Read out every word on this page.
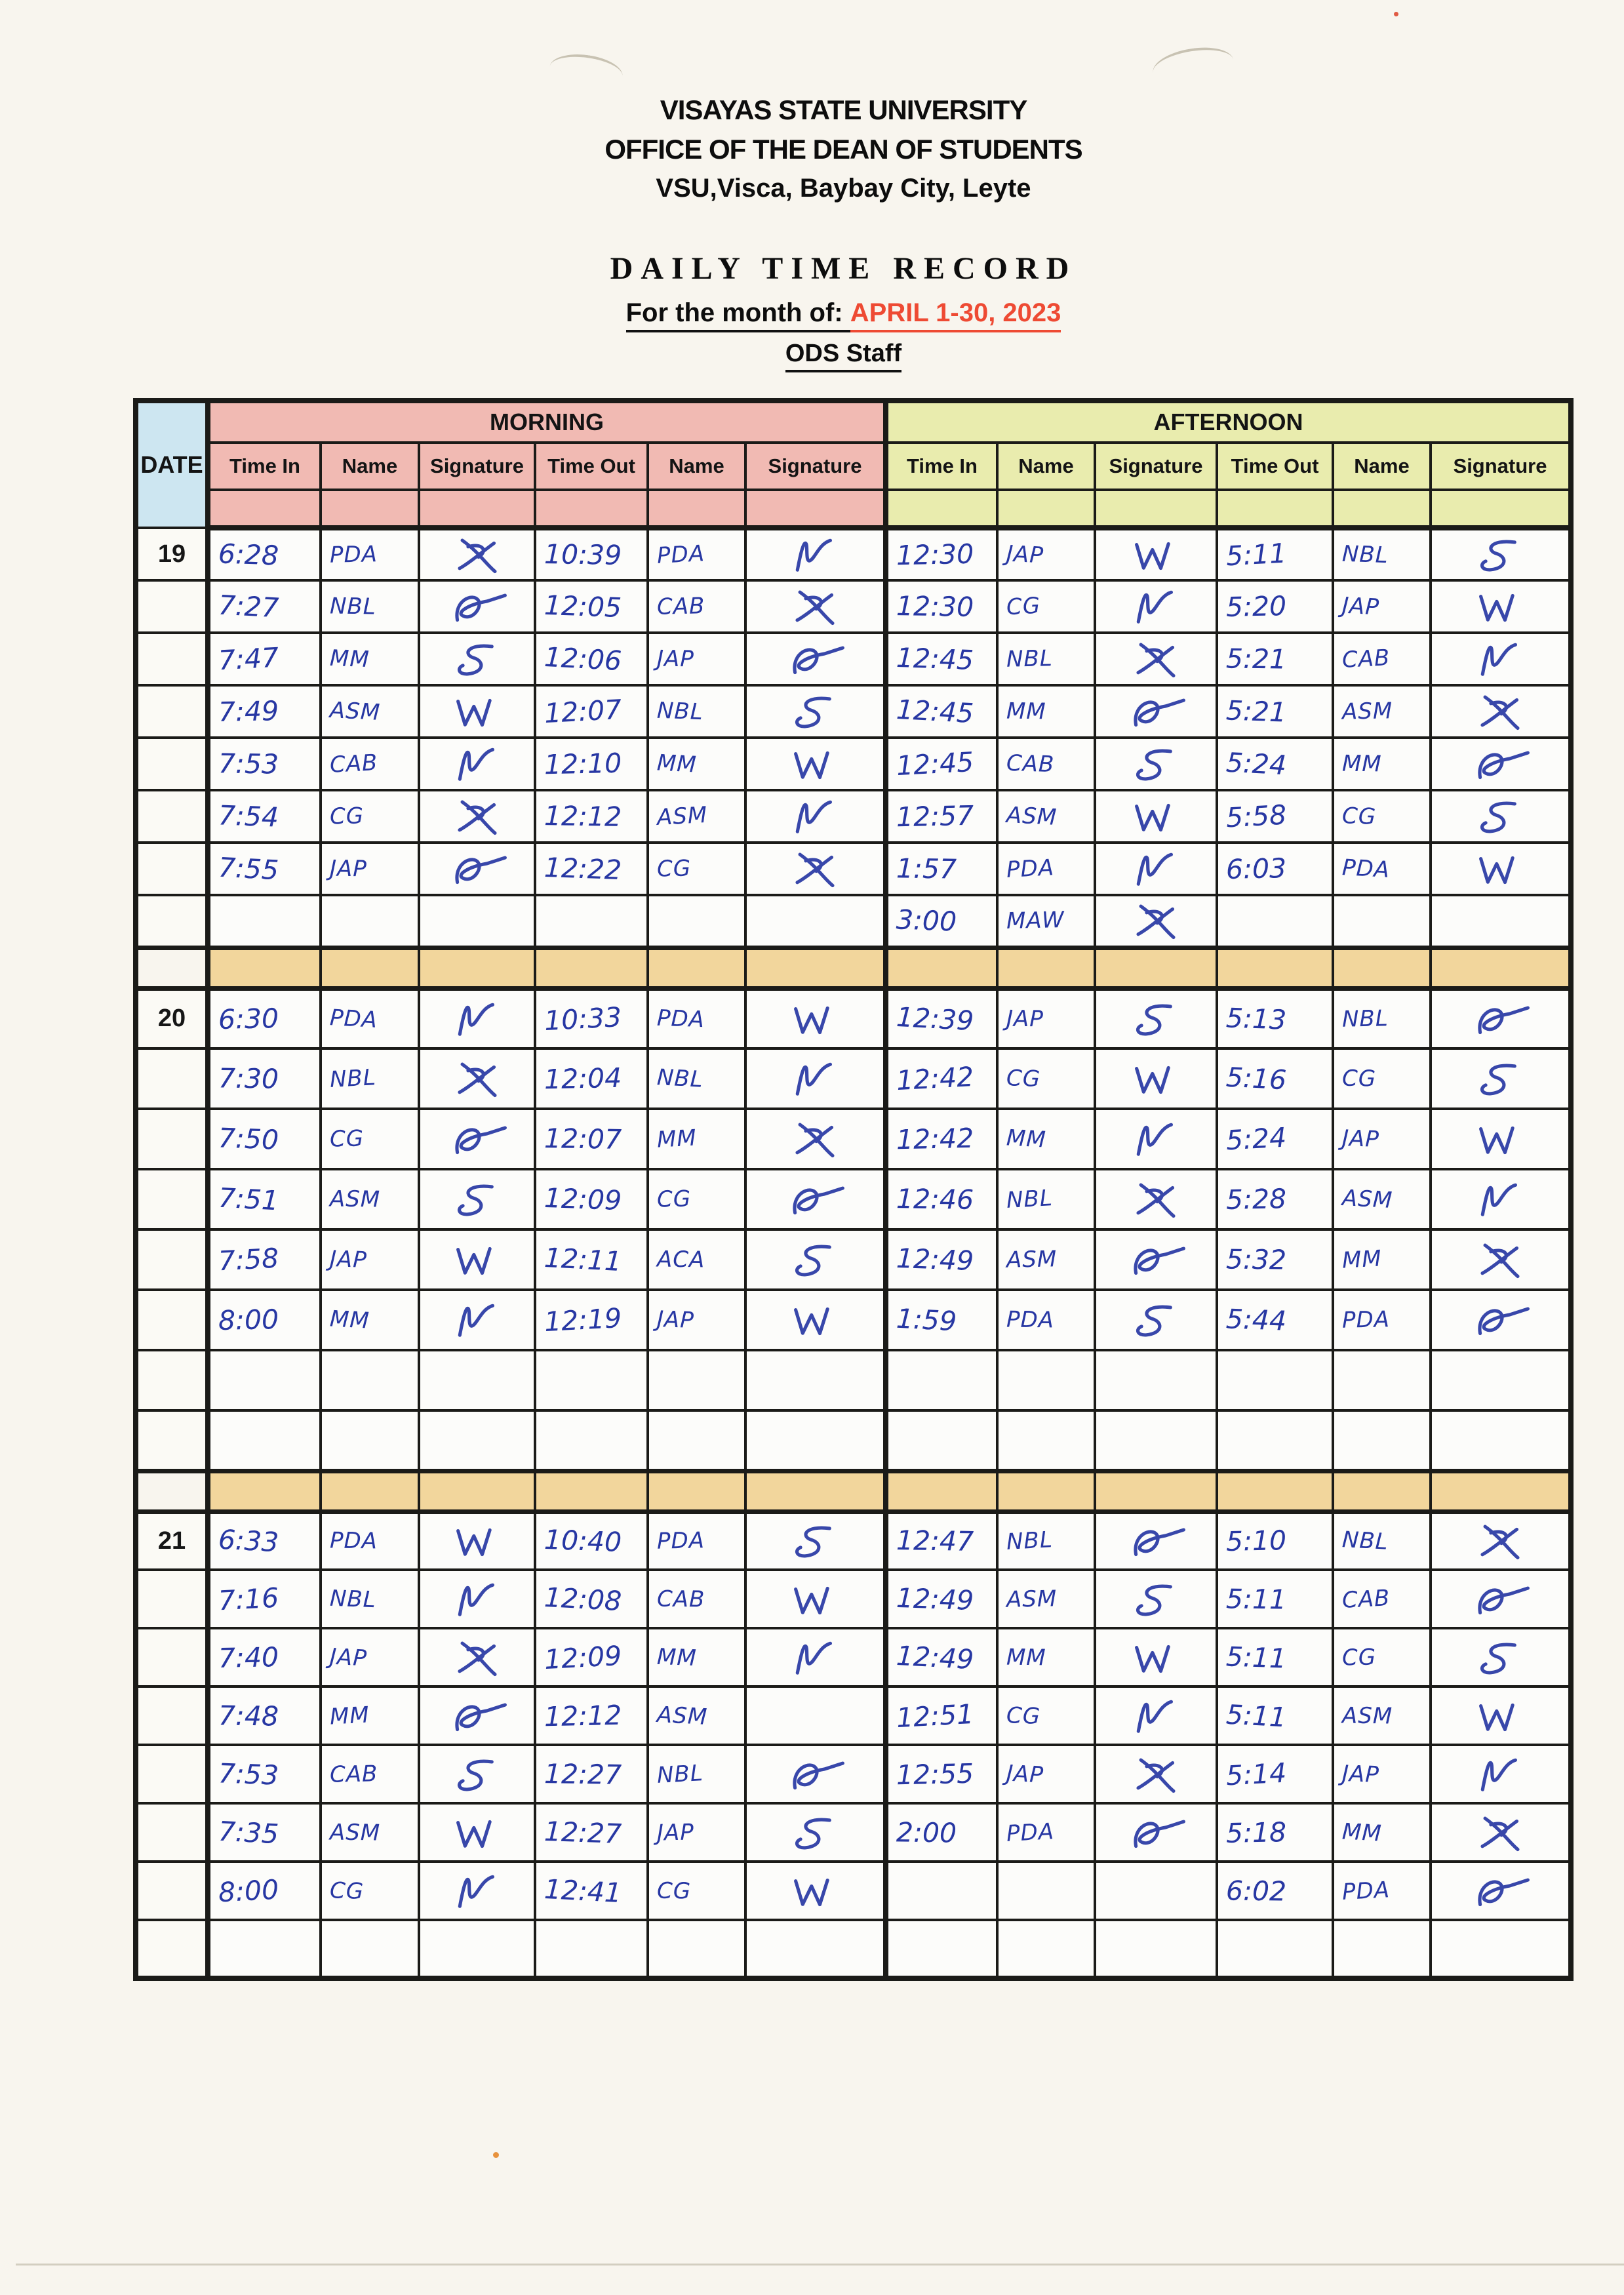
VISAYAS STATE UNIVERSITY
OFFICE OF THE DEAN OF STUDENTS
VSU,Visca, Baybay City, Leyte
DAILY TIME RECORD
For the month of: APRIL 1-30, 2023
ODS Staff
DATE	MORNING						AFTERNOON					
	Time In	Name	Signature	Time Out	Name	Signature	Time In	Name	Signature	Time Out	Name	Signature

19	6:28	PDA		10:39	PDA		12:30	JAP		5:11	NBL	

	7:27	NBL		12:05	CAB		12:30	CG		5:20	JAP	

	7:47	MM		12:06	JAP		12:45	NBL		5:21	CAB	

	7:49	ASM		12:07	NBL		12:45	MM		5:21	ASM	

	7:53	CAB		12:10	MM		12:45	CAB		5:24	MM	

	7:54	CG		12:12	ASM		12:57	ASM		5:58	CG	

	7:55	JAP		12:22	CG		1:57	PDA		6:03	PDA	

							3:00	MAW	

20	6:30	PDA		10:33	PDA		12:39	JAP		5:13	NBL	

	7:30	NBL		12:04	NBL		12:42	CG		5:16	CG	

	7:50	CG		12:07	MM		12:42	MM		5:24	JAP	

	7:51	ASM		12:09	CG		12:46	NBL		5:28	ASM	

	7:58	JAP		12:11	ACA		12:49	ASM		5:32	MM	

	8:00	MM		12:19	JAP		1:59	PDA		5:44	PDA	

21	6:33	PDA		10:40	PDA		12:47	NBL		5:10	NBL	

	7:16	NBL		12:08	CAB		12:49	ASM		5:11	CAB	

	7:40	JAP		12:09	MM		12:49	MM		5:11	CG	

	7:48	MM		12:12	ASM		12:51	CG		5:11	ASM	

	7:53	CAB		12:27	NBL		12:55	JAP		5:14	JAP	

	7:35	ASM		12:27	JAP		2:00	PDA		5:18	MM	

	8:00	CG		12:41	CG					6:02	PDA	
